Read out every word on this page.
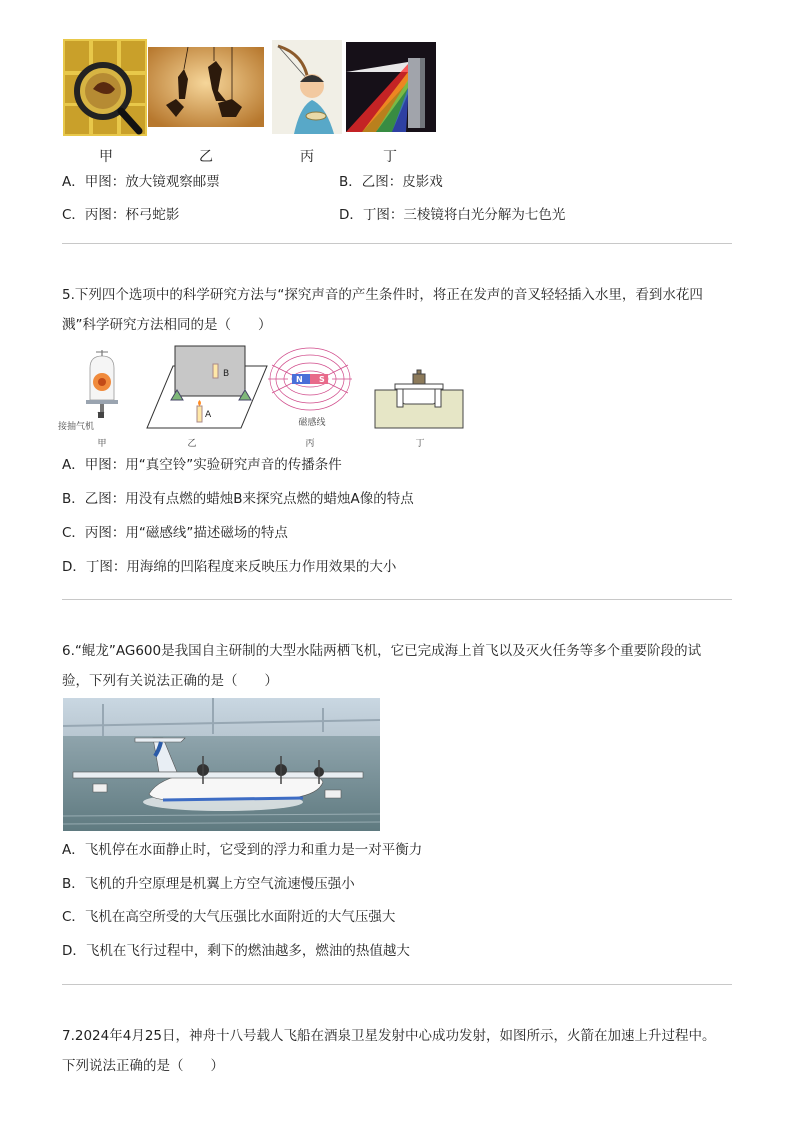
甲	乙	丙	丁
A．甲图：放大镜观察邮票	B．乙图：皮影戏
C．丙图：杯弓蛇影	D．丁图：三棱镜将白光分解为七色光
5.下列四个选项中的科学研究方法与“探究声音的产生条件时，将正在发声的音叉轻轻插入水里，看到水花四
溅”科学研究方法相同的是（　　）
接抽气机
甲
B
A
乙
N S
磁感线
丙	丁
A．甲图：用“真空铃”实验研究声音的传播条件
B．乙图：用没有点燃的蜡烛B来探究点燃的蜡烛A像的特点
C．丙图：用“磁感线”描述磁场的特点
D．丁图：用海绵的凹陷程度来反映压力作用效果的大小
6.“鲲龙”AG600是我国自主研制的大型水陆两栖飞机，它已完成海上首飞以及灭火任务等多个重要阶段的试
验，下列有关说法正确的是（　　）
A．飞机停在水面静止时，它受到的浮力和重力是一对平衡力
B．飞机的升空原理是机翼上方空气流速慢压强小
C．飞机在高空所受的大气压强比水面附近的大气压强大
D．飞机在飞行过程中，剩下的燃油越多，燃油的热值越大
7.2024年4月25日，神舟十八号载人飞船在酒泉卫星发射中心成功发射，如图所示，火箭在加速上升过程中。
下列说法正确的是（　　）
